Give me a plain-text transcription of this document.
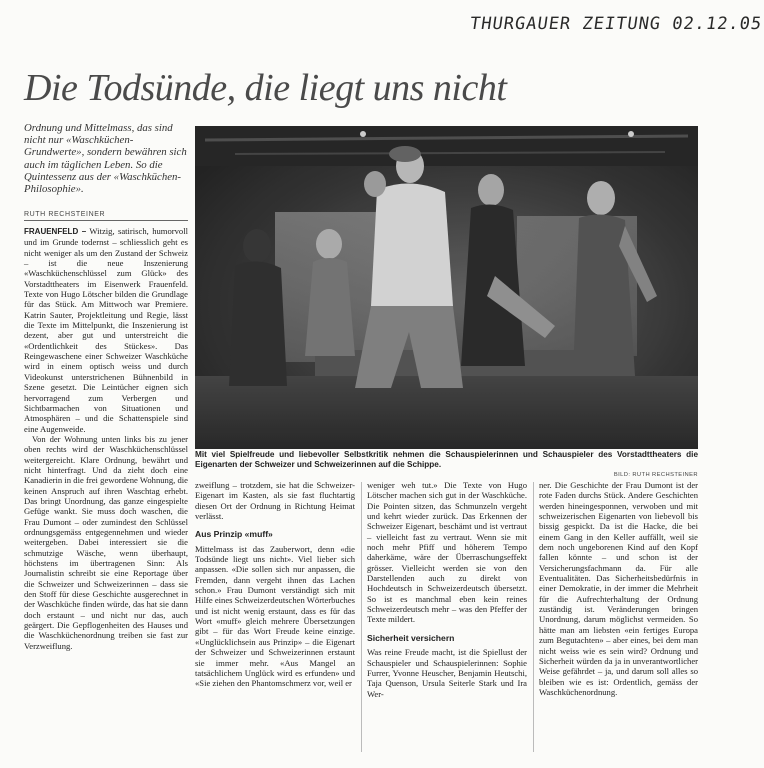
THURGAUER ZEITUNG 02.12.05
Die Todsünde, die liegt uns nicht
Ordnung und Mittelmass, das sind nicht nur «Waschküchen-Grundwerte», sondern bewähren sich auch im täglichen Leben. So die Quintessenz aus der «Waschküchen-Philosophie».
RUTH RECHSTEINER

FRAUENFELD – Witzig, satirisch, humorvoll und im Grunde todernst – schliesslich geht es nicht weniger als um den Zustand der Schweiz – ist die neue Inszenierung «Waschküchenschlüssel zum Glück» des Vorstadttheaters im Eisenwerk Frauenfeld. Texte von Hugo Lötscher bilden die Grundlage für das Stück. Am Mittwoch war Premiere. Katrin Sauter, Projektleitung und Regie, lässt die Texte im Mittelpunkt, die Inszenierung ist dezent, aber gut und unterstreicht die «Ordentlichkeit des Stückes». Das Reingewaschene einer Schweizer Waschküche wird in einem optisch weiss und durch Videokunst unterstrichenen Bühnenbild in Szene gesetzt. Die Leintücher eignen sich hervorragend zum Verbergen und Sichtbarmachen von Situationen und Atmosphären – und die Schattenspiele sind eine Augenweide.

Von der Wohnung unten links bis zu jener oben rechts wird der Waschküchenschlüssel weitergereicht. Klare Ordnung, bewährt und nicht hinterfragt. Und da zieht doch eine Kanadierin in die frei gewordene Wohnung, die keinen Anspruch auf ihren Waschtag erhebt. Das bringt Unordnung, das ganze eingespielte Gefüge wankt. Sie muss doch waschen, die Frau Dumont – oder zumindest den Schlüssel ordnungsgemäss entgegennehmen und wieder weitergeben. Dabei interessiert sie die schmutzige Wäsche, wenn überhaupt, höchstens im übertragenen Sinn: Als Journalistin schreibt sie eine Reportage über die Schweizer und Schweizerinnen – dass sie den Stoff für diese Geschichte ausgerechnet in der Waschküche finden würde, das hat sie dann doch erstaunt – und nicht nur das, auch geärgert. Die Gepflogenheiten des Hauses und die Waschküchenordnung treiben sie fast zur Verzweiflung.

zweiflung – trotzdem, sie hat die Schweizer-Eigenart im Kasten, als sie fast fluchtartig diesen Ort der Ordnung in Richtung Heimat verlässt.

Aus Prinzip «muff»

Mittelmass ist das Zauberwort, denn «die Todsünde liegt uns nicht». Viel lieber sich anpassen. «Die sollen sich nur anpassen, die Fremden, dann vergeht ihnen das Lachen schon.» Frau Dumont verständigt sich mit Hilfe eines Schweizerdeutschen Wörterbuches und ist nicht wenig erstaunt, dass es für das Wort «muff» gleich mehrere Übersetzungen gibt – für das Wort Freude keine einzige. «Unglücklichsein aus Prinzip» – die Eigenart der Schweizer und Schweizerinnen erstaunt sie immer mehr. «Aus Mangel an tatsächlichem Unglück wird es erfunden» und «Sie ziehen den Phantomschmerz vor, weil er

weniger weh tut.» Die Texte von Hugo Lötscher machen sich gut in der Waschküche. Die Pointen sitzen, das Schmunzeln vergeht und kehrt wieder zurück. Das Erkennen der Schweizer Eigenart, beschämt und ist vertraut – vielleicht fast zu vertraut. Wenn sie mit noch mehr Pfiff und höherem Tempo daherkäme, wäre der Überraschungseffekt grösser. Vielleicht werden sie von den Darstellenden auch zu direkt von Hochdeutsch in Schweizerdeutsch übersetzt. So ist es manchmal eben kein reines Schweizerdeutsch mehr – was den Pfeffer der Texte mildert.

Sicherheit versichern

Was reine Freude macht, ist die Spiellust der Schauspieler und Schauspielerinnen: Sophie Furrer, Yvonne Heuscher, Benjamin Heutschi, Taja Quenson, Ursula Seiterle Stark und Ira Wer-

ner. Die Geschichte der Frau Dumont ist der rote Faden durchs Stück. Andere Geschichten werden hineingesponnen, verwoben und mit schweizerischen Eigenarten von liebevoll bis bissig gespickt. Da ist die Hacke, die bei einem Gang in den Keller auffällt, weil sie dem noch ungeborenen Kind auf den Kopf fallen könnte – und schon ist der Versicherungsfachmann da. Für alle Eventualitäten. Das Sicherheitsbedürfnis in einer Demokratie, in der immer die Mehrheit für die Aufrechterhaltung der Ordnung zuständig ist. Veränderungen bringen Unordnung, darum möglichst vermeiden. So hätte man am liebsten «ein fertiges Europa zum Begutachten» – aber eines, bei dem man nicht weiss wie es sein wird? Ordnung und Sicherheit würden da ja in unverantwortlicher Weise gefährdet – ja, und darum soll alles so bleiben wie es ist: Ordentlich, gemäss der Waschküchenordnung.

Mit viel Spielfreude und liebevoller Selbstkritik nehmen die Schauspielerinnen und Schauspieler des Vorstadttheaters die Eigenarten der Schweizer und Schweizerinnen auf die Schippe.
BILD: RUTH RECHSTEINER
